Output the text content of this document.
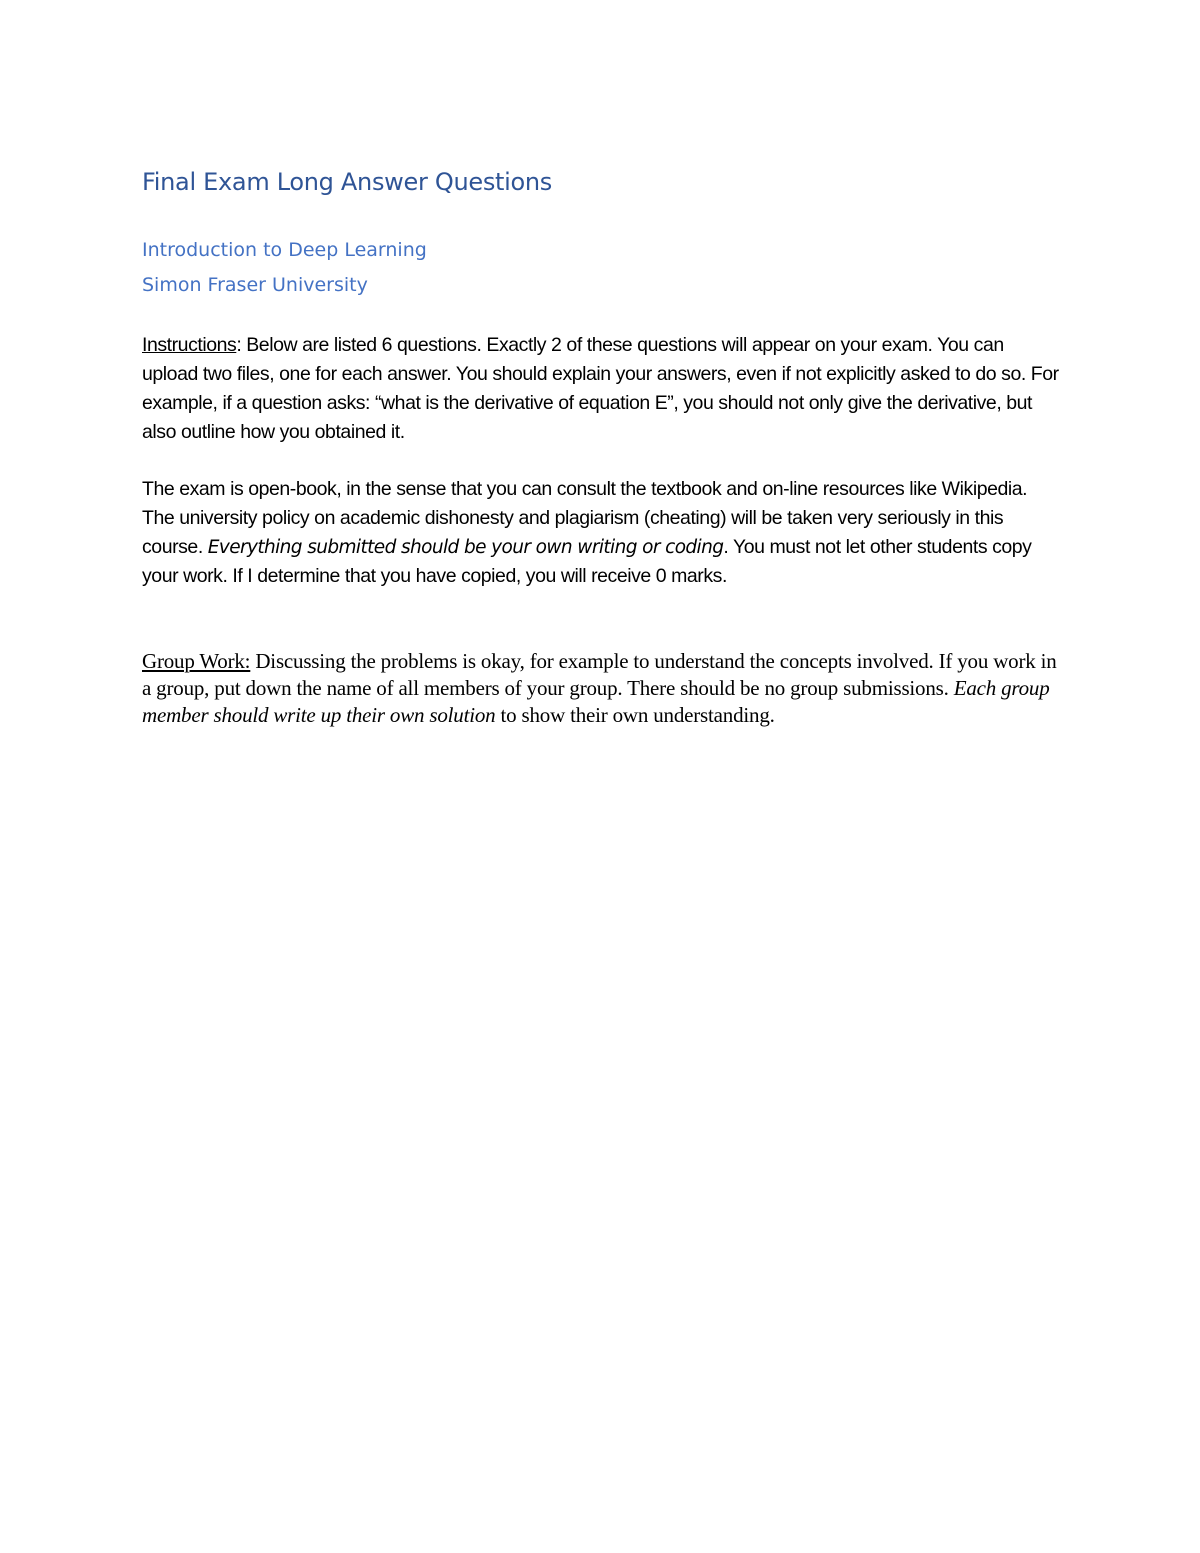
Final Exam Long Answer Questions
Introduction to Deep Learning
Simon Fraser University

Instructions: Below are listed 6 questions. Exactly 2 of these questions will appear on your exam. You can upload two files, one for each answer. You should explain your answers, even if not explicitly asked to do so. For example, if a question asks: “what is the derivative of equation E”, you should not only give the derivative, but also outline how you obtained it.

The exam is open-book, in the sense that you can consult the textbook and on-line resources like Wikipedia. The university policy on academic dishonesty and plagiarism (cheating) will be taken very seriously in this course. Everything submitted should be your own writing or coding. You must not let other students copy your work. If I determine that you have copied, you will receive 0 marks.

Group Work: Discussing the problems is okay, for example to understand the concepts involved. If you work in a group, put down the name of all members of your group. There should be no group submissions. Each group member should write up their own solution to show their own understanding.
